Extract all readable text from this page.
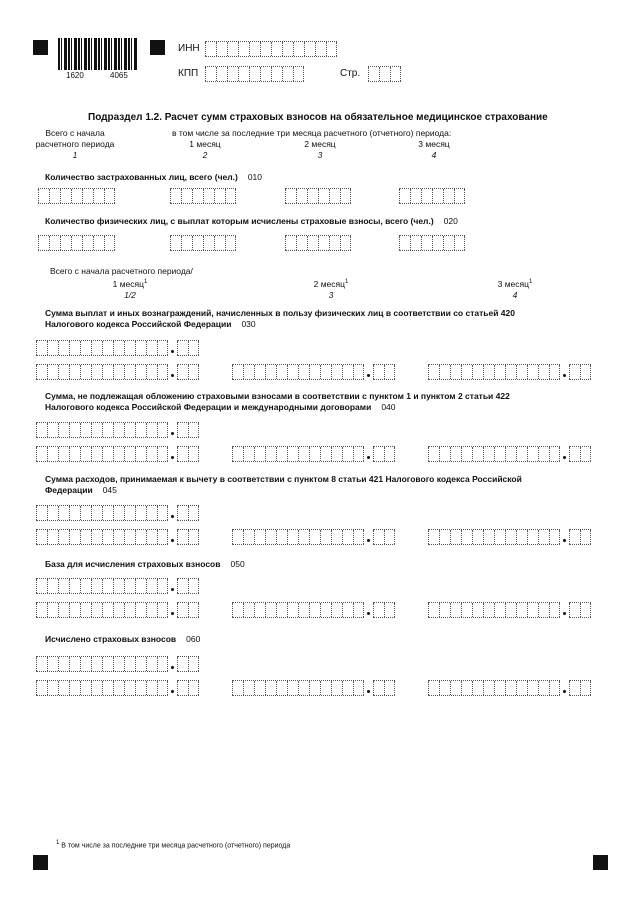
1620	4065
ИНН
КПП	Стр.
Подраздел 1.2. Расчет сумм страховых взносов на обязательное медицинское страхование
Всего с начала
расчетного периода
1
в том числе за последние три месяца расчетного (отчетного) периода:
1 месяц
2
2 месяц
3
3 месяц
4
Количество застрахованных лиц, всего (чел.) 010
Количество физических лиц, с выплат которым исчислены страховые взносы, всего (чел.) 020
Всего с начала расчетного периода/
1 месяц$^1$
1/2
2 месяц$^1$
3
3 месяц$^1$
4
Сумма выплат и иных вознаграждений, начисленных в пользу физических лиц в соответствии со статьей 420
Налогового кодекса Российской Федерации 030
Сумма, не подлежащая обложению страховыми взносами в соответствии с пунктом 1 и пунктом 2 статьи 422
Налогового кодекса Российской Федерации и международными договорами 040
Сумма расходов, принимаемая к вычету в соответствии с пунктом 8 статьи 421 Налогового кодекса Российской
Федерации 045
База для исчисления страховых взносов 050
Исчислено страховых взносов 060
$^1$ В том числе за последние три месяца расчетного (отчетного) периода
